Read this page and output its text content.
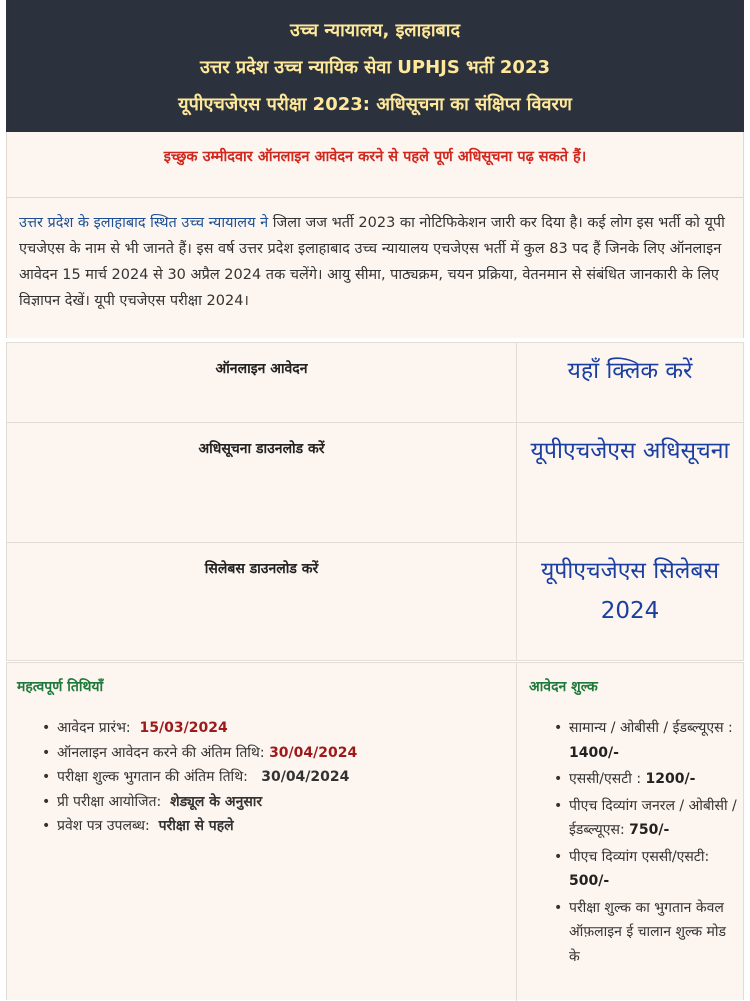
उच्च न्यायालय, इलाहाबाद
उत्तर प्रदेश उच्च न्यायिक सेवा UPHJS भर्ती 2023
यूपीएचजेएस परीक्षा 2023: अधिसूचना का संक्षिप्त विवरण
इच्छुक उम्मीदवार ऑनलाइन आवेदन करने से पहले पूर्ण अधिसूचना पढ़ सकते हैं।
उत्तर प्रदेश के इलाहाबाद स्थित उच्च न्यायालय ने जिला जज भर्ती 2023 का नोटिफिकेशन जारी कर दिया है। कई लोग इस भर्ती को यूपी एचजेएस के नाम से भी जानते हैं। इस वर्ष उत्तर प्रदेश इलाहाबाद उच्च न्यायालय एचजेएस भर्ती में कुल 83 पद हैं जिनके लिए ऑनलाइन आवेदन 15 मार्च 2024 से 30 अप्रैल 2024 तक चलेंगे। आयु सीमा, पाठ्यक्रम, चयन प्रक्रिया, वेतनमान से संबंधित जानकारी के लिए विज्ञापन देखें। यूपी एचजेएस परीक्षा 2024।
ऑनलाइन आवेदन	यहाँ क्लिक करें
अधिसूचना डाउनलोड करें	यूपीएचजेएस अधिसूचना
सिलेबस डाउनलोड करें	यूपीएचजेएस सिलेबस 2024
महत्वपूर्ण तिथियाँ
• आवेदन प्रारंभ: 15/03/2024
• ऑनलाइन आवेदन करने की अंतिम तिथि: 30/04/2024
• परीक्षा शुल्क भुगतान की अंतिम तिथि: 30/04/2024
• प्री परीक्षा आयोजित: शेड्यूल के अनुसार
• प्रवेश पत्र उपलब्ध: परीक्षा से पहले
आवेदन शुल्क
• सामान्य / ओबीसी / ईडब्ल्यूएस : 1400/-
• एससी/एसटी : 1200/-
• पीएच दिव्यांग जनरल / ओबीसी / ईडब्ल्यूएस: 750/-
• पीएच दिव्यांग एससी/एसटी: 500/-
• परीक्षा शुल्क का भुगतान केवल ऑफ़लाइन ई चालान शुल्क मोड के
